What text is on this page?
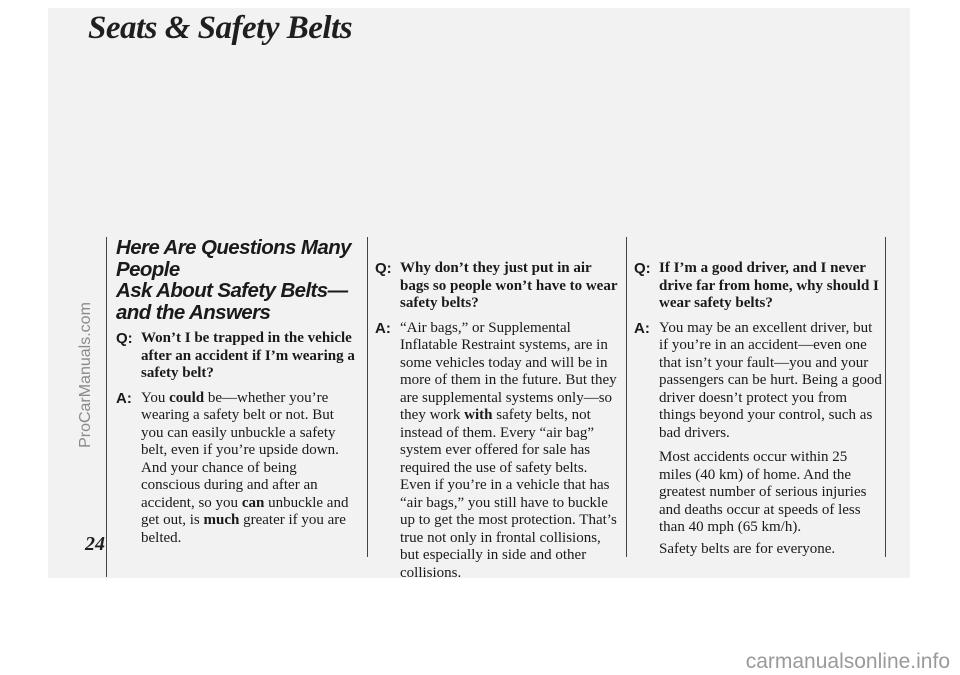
Seats & Safety Belts
ProCarManuals.com
carmanualsonline.info
24
Here Are Questions Many People
Ask About Safety Belts—
and the Answers
Q: Won’t I be trapped in the vehicle after an accident if I’m wearing a safety belt?
A: You could be—whether you’re wearing a safety belt or not. But you can easily unbuckle a safety belt, even if you’re upside down. And your chance of being conscious during and after an accident, so you can unbuckle and get out, is much greater if you are belted.
Q: Why don’t they just put in air bags so people won’t have to wear safety belts?
A: “Air bags,” or Supplemental Inflatable Restraint systems, are in some vehicles today and will be in more of them in the future. But they are supplemental systems only—so they work with safety belts, not instead of them. Every “air bag” system ever offered for sale has required the use of safety belts. Even if you’re in a vehicle that has “air bags,” you still have to buckle up to get the most protection. That’s true not only in frontal collisions, but especially in side and other collisions.
Q: If I’m a good driver, and I never drive far from home, why should I wear safety belts?
A: You may be an excellent driver, but if you’re in an accident—even one that isn’t your fault—you and your passengers can be hurt. Being a good driver doesn’t protect you from things beyond your control, such as bad drivers.

Most accidents occur within 25 miles (40 km) of home. And the greatest number of serious injuries and deaths occur at speeds of less than 40 mph (65 km/h).

Safety belts are for everyone.
